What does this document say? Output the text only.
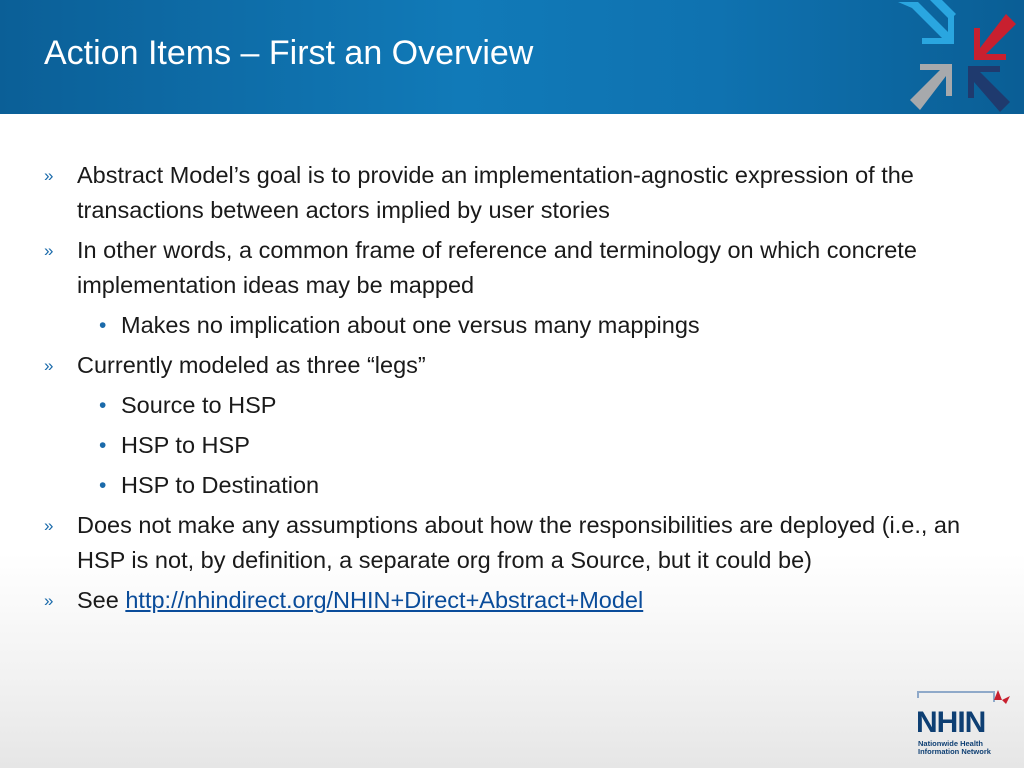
Action Items – First an Overview
» Abstract Model’s goal is to provide an implementation-agnostic expression of the transactions between actors implied by user stories
» In other words, a common frame of reference and terminology on which concrete implementation ideas may be mapped
• Makes no implication about one versus many mappings
» Currently modeled as three “legs”
• Source to HSP
• HSP to HSP
• HSP to Destination
» Does not make any assumptions about how the responsibilities are deployed (i.e., an HSP is not, by definition, a separate org from a Source, but it could be)
» See http://nhindirect.org/NHIN+Direct+Abstract+Model
NHIN
Nationwide Health Information Network
